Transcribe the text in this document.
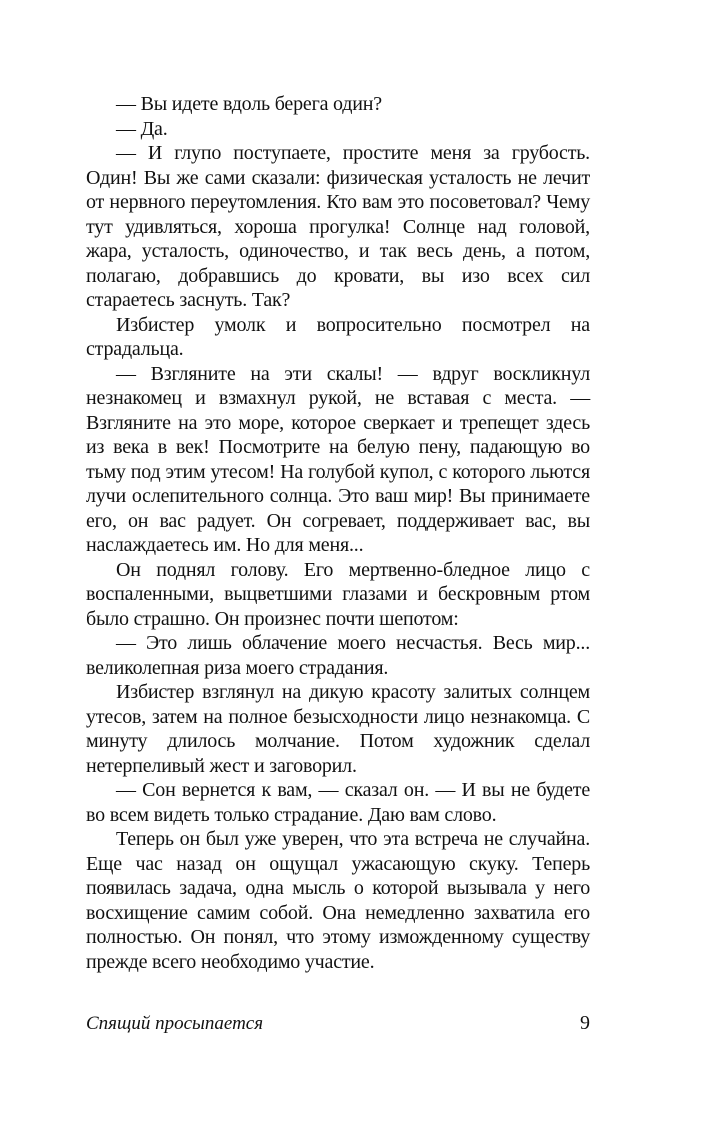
— Вы идете вдоль берега один?

— Да.

— И глупо поступаете, простите меня за грубость. Один! Вы же сами сказали: физическая усталость не лечит от нервного переутомления. Кто вам это посоветовал? Чему тут удивляться, хороша прогулка! Солнце над головой, жара, усталость, одиночество, и так весь день, а потом, полагаю, добравшись до кровати, вы изо всех сил стараетесь заснуть. Так?

Избистер умолк и вопросительно посмотрел на страдальца.

— Взгляните на эти скалы! — вдруг воскликнул незнакомец и взмахнул рукой, не вставая с места. — Взгляните на это море, которое сверкает и трепещет здесь из века в век! Посмотрите на белую пену, падающую во тьму под этим утесом! На голубой купол, с которого льются лучи ослепительного солнца. Это ваш мир! Вы принимаете его, он вас радует. Он согревает, поддерживает вас, вы наслаждаетесь им. Но для меня...

Он поднял голову. Его мертвенно-бледное лицо с воспаленными, выцветшими глазами и бескровным ртом было страшно. Он произнес почти шепотом:

— Это лишь облачение моего несчастья. Весь мир... великолепная риза моего страдания.

Избистер взглянул на дикую красоту залитых солнцем утесов, затем на полное безысходности лицо незнакомца. С минуту длилось молчание. Потом художник сделал нетерпеливый жест и заговорил.

— Сон вернется к вам, — сказал он. — И вы не будете во всем видеть только страдание. Даю вам слово.

Теперь он был уже уверен, что эта встреча не случайна. Еще час назад он ощущал ужасающую скуку. Теперь появилась задача, одна мысль о которой вызывала у него восхищение самим собой. Она немедленно захватила его полностью. Он понял, что этому изможденному существу прежде всего необходимо участие.

Спящий просыпается	9
